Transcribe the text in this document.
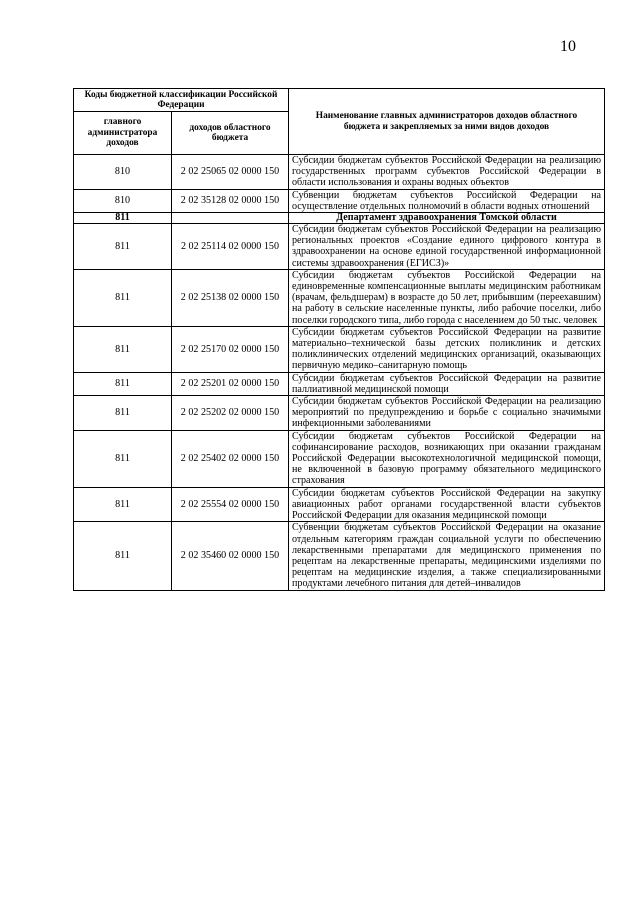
10
Коды бюджетной классификации Российской Федерации		Наименование главных администраторов доходов областного бюджета и закрепляемых за ними видов доходов
главного администратора доходов	доходов областного бюджета	
810	2 02 25065 02 0000 150	Субсидии бюджетам субъектов Российской Федерации на реализацию государственных программ субъектов Российской Федерации в области использования и охраны водных объектов
810	2 02 35128 02 0000 150	Субвенции бюджетам субъектов Российской Федерации на осуществление отдельных полномочий в области водных отношений
811		Департамент здравоохранения Томской области
811	2 02 25114 02 0000 150	Субсидии бюджетам субъектов Российской Федерации на реализацию региональных проектов «Создание единого цифрового контура в здравоохранении на основе единой государственной информационной системы здравоохранения (ЕГИСЗ)»
811	2 02 25138 02 0000 150	Субсидии бюджетам субъектов Российской Федерации на единовременные компенсационные выплаты медицинским работникам (врачам, фельдшерам) в возрасте до 50 лет, прибывшим (переехавшим) на работу в сельские населенные пункты, либо рабочие поселки, либо поселки городского типа, либо города с населением до 50 тыс. человек
811	2 02 25170 02 0000 150	Субсидии бюджетам субъектов Российской Федерации на развитие материально–технической базы детских поликлиник и детских поликлинических отделений медицинских организаций, оказывающих первичную медико–санитарную помощь
811	2 02 25201 02 0000 150	Субсидии бюджетам субъектов Российской Федерации на развитие паллиативной медицинской помощи
811	2 02 25202 02 0000 150	Субсидии бюджетам субъектов Российской Федерации на реализацию мероприятий по предупреждению и борьбе с социально значимыми инфекционными заболеваниями
811	2 02 25402 02 0000 150	Субсидии бюджетам субъектов Российской Федерации на софинансирование расходов, возникающих при оказании гражданам Российской Федерации высокотехнологичной медицинской помощи, не включенной в базовую программу обязательного медицинского страхования
811	2 02 25554 02 0000 150	Субсидии бюджетам субъектов Российской Федерации на закупку авиационных работ органами государственной власти субъектов Российской Федерации для оказания медицинской помощи
811	2 02 35460 02 0000 150	Субвенции бюджетам субъектов Российской Федерации на оказание отдельным категориям граждан социальной услуги по обеспечению лекарственными препаратами для медицинского применения по рецептам на лекарственные препараты, медицинскими изделиями по рецептам на медицинские изделия, а также специализированными продуктами лечебного питания для детей–инвалидов
